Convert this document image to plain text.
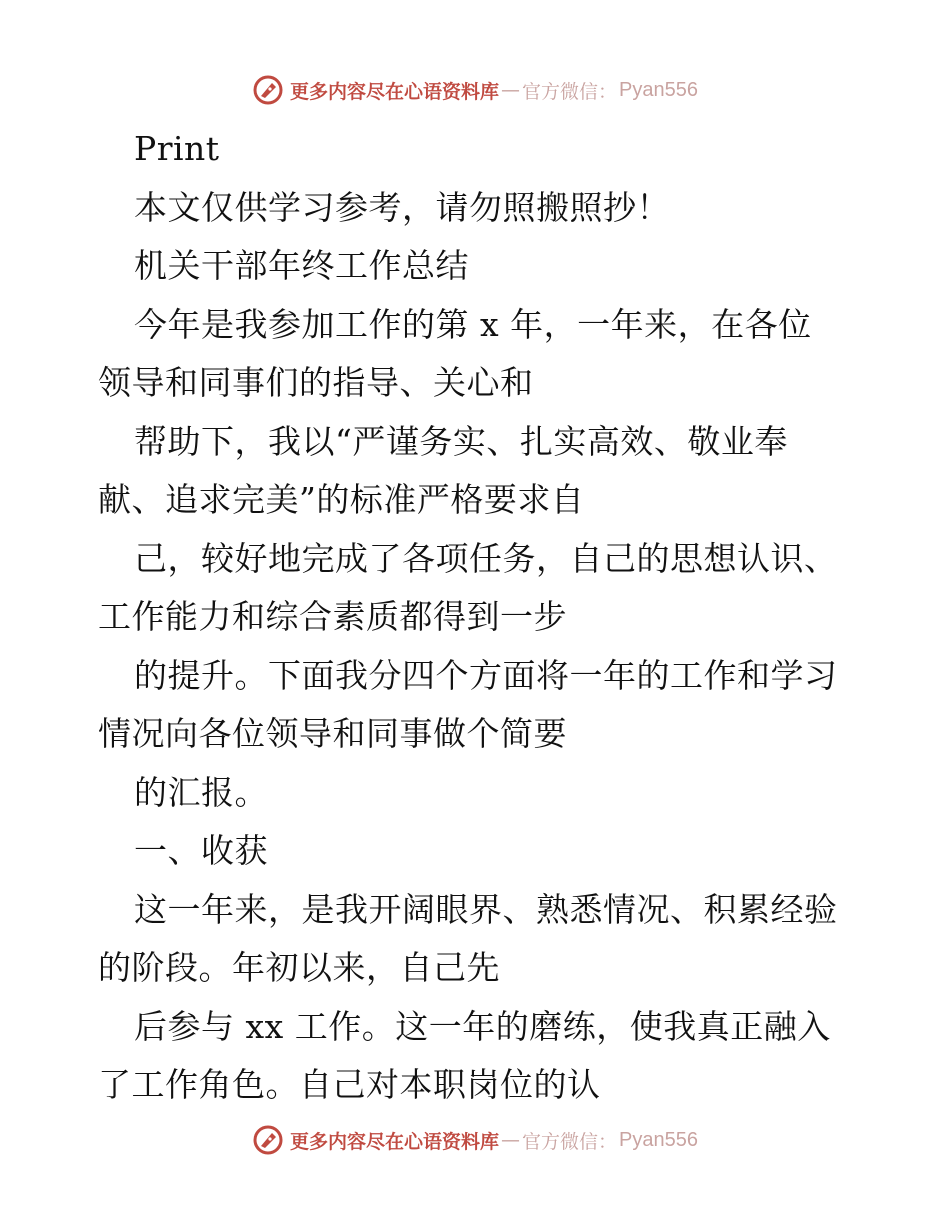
更多内容尽在心语资料库 — 官方微信： Pyan556
Print
本文仅供学习参考，请勿照搬照抄！
机关干部年终工作总结
今年是我参加工作的第 x 年，一年来，在各位
领导和同事们的指导、关心和
帮助下，我以“严谨务实、扎实高效、敬业奉
献、追求完美”的标准严格要求自
己，较好地完成了各项任务，自己的思想认识、
工作能力和综合素质都得到一步
的提升。下面我分四个方面将一年的工作和学习
情况向各位领导和同事做个简要
的汇报。
一、收获
这一年来，是我开阔眼界、熟悉情况、积累经验
的阶段。年初以来，自己先
后参与 xx 工作。这一年的磨练，使我真正融入
了工作角色。自己对本职岗位的认
更多内容尽在心语资料库 — 官方微信： Pyan556
